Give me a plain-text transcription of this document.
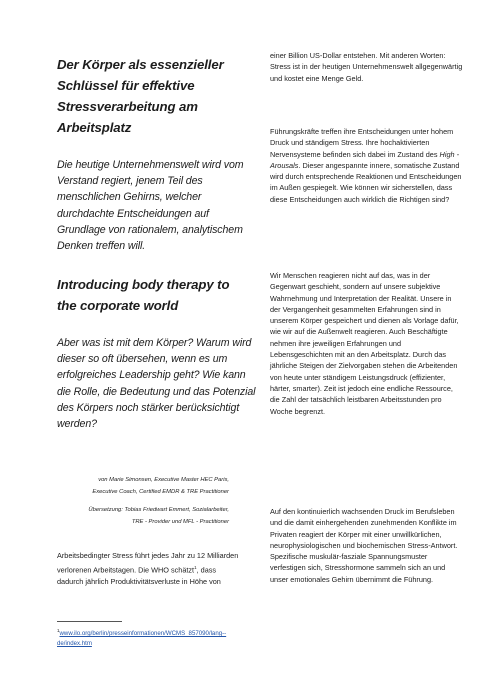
Der Körper als essenzieller Schlüssel für effektive Stressverarbeitung am Arbeitsplatz

Die heutige Unternehmenswelt wird vom Verstand regiert, jenem Teil des menschlichen Gehirns, welcher durchdachte Entscheidungen auf Grundlage von rationalem, analytischem Denken treffen will.

Introducing body therapy to the corporate world

Aber was ist mit dem Körper? Warum wird dieser so oft übersehen, wenn es um erfolgreiches Leadership geht? Wie kann die Rolle, die Bedeutung und das Potenzial des Körpers noch stärker berücksichtigt werden?

von Marie Simonsen, Executive Master HEC Paris,
Executive Coach, Certified EMDR & TRE Practitioner

Übersetzung: Tobias Friedwart Emmert, Sozialarbeiter,
TRE - Provider und MFL - Practitioner

Arbeitsbedingter Stress führt jedes Jahr zu 12 Milliarden verlorenen Arbeitstagen. Die WHO schätzt$^1$, dass dadurch jährlich Produktivitätsverluste in Höhe von

$^1$www.ilo.org/berlin/presseinformationen/WCMS_857090/lang--de/index.htm

einer Billion US-Dollar entstehen. Mit anderen Worten: Stress ist in der heutigen Unternehmenswelt allgegenwärtig und kostet eine Menge Geld.

Führungskräfte treffen ihre Entscheidungen unter hohem Druck und ständigem Stress. Ihre hochaktivierten Nervensysteme befinden sich dabei im Zustand des High - Arousals. Dieser angespannte innere, somatische Zustand wird durch entsprechende Reaktionen und Entscheidungen im Außen gespiegelt. Wie können wir sicherstellen, dass diese Entscheidungen auch wirklich die Richtigen sind?

Wir Menschen reagieren nicht auf das, was in der Gegenwart geschieht, sondern auf unsere subjektive Wahrnehmung und Interpretation der Realität. Unsere in der Vergangenheit gesammelten Erfahrungen sind in unserem Körper gespeichert und dienen als Vorlage dafür, wie wir auf die Außenwelt reagieren. Auch Beschäftigte nehmen ihre jeweiligen Erfahrungen und Lebensgeschichten mit an den Arbeitsplatz. Durch das jährliche Steigen der Zielvorgaben stehen die Arbeitenden von heute unter ständigem Leistungsdruck (effizienter, härter, smarter). Zeit ist jedoch eine endliche Ressource, die Zahl der tatsächlich leistbaren Arbeitsstunden pro Woche begrenzt.

Auf den kontinuierlich wachsenden Druck im Berufsleben und die damit einhergehenden zunehmenden Konflikte im Privaten reagiert der Körper mit einer unwillkürlichen, neurophysiologischen und biochemischen Stress-Antwort. Spezifische muskulär-fasziale Spannungsmuster verfestigen sich, Stresshormone sammeln sich an und unser emotionales Gehirn übernimmt die Führung.
